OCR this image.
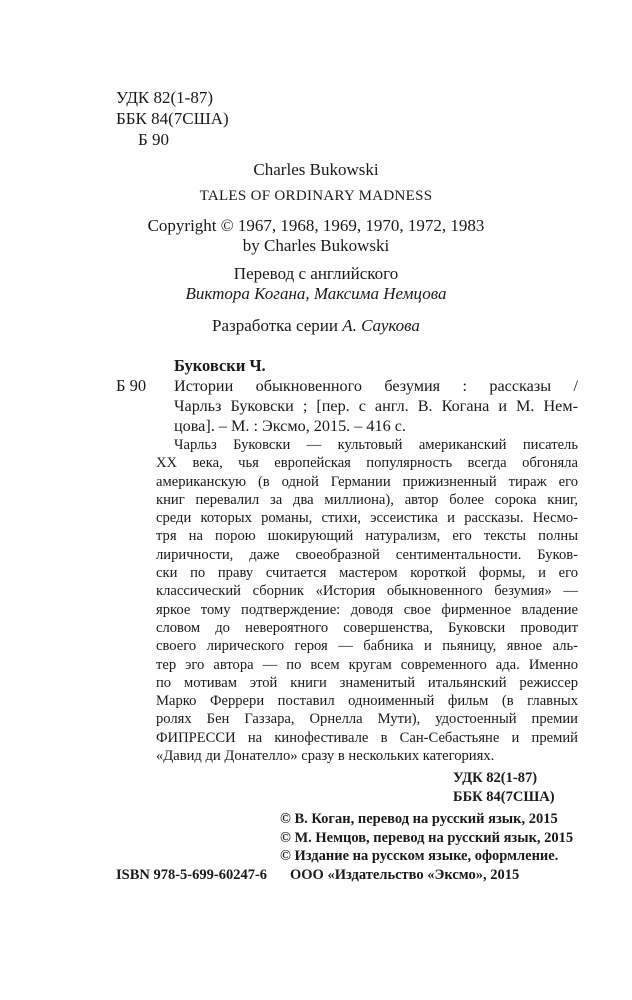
УДК 82(1-87)
ББК 84(7США)
Б 90
Charles Bukowski
TALES OF ORDINARY MADNESS
Copyright © 1967, 1968, 1969, 1970, 1972, 1983
by Charles Bukowski
Перевод с английского
Виктора Когана, Максима Немцова
Разработка серии А. Саукова
Буковски Ч.
Б 90 Истории обыкновенного безумия : рассказы /
Чарльз Буковски ; [пер. с англ. В. Когана и М. Нем-
цова]. – М. : Эксмо, 2015. – 416 с.
Чарльз Буковски — культовый американский писатель
XX века, чья европейская популярность всегда обгоняла
американскую (в одной Германии прижизненный тираж его
книг перевалил за два миллиона), автор более сорока книг,
среди которых романы, стихи, эссеистика и рассказы. Несмо-
тря на порою шокирующий натурализм, его тексты полны
лиричности, даже своеобразной сентиментальности. Буков-
ски по праву считается мастером короткой формы, и его
классический сборник «История обыкновенного безумия» —
яркое тому подтверждение: доводя свое фирменное владение
словом до невероятного совершенства, Буковски проводит
своего лирического героя — бабника и пьяницу, явное аль-
тер эго автора — по всем кругам современного ада. Именно
по мотивам этой книги знаменитый итальянский режиссер
Марко Феррери поставил одноименный фильм (в главных
ролях Бен Газзара, Орнелла Мути), удостоенный премии
ФИПРЕССИ на кинофестивале в Сан-Себастьяне и премий
«Давид ди Донателло» сразу в нескольких категориях.
УДК 82(1-87)
ББК 84(7США)
© В. Коган, перевод на русский язык, 2015
© М. Немцов, перевод на русский язык, 2015
© Издание на русском языке, оформление.
ООО «Издательство «Эксмо», 2015
ISBN 978-5-699-60247-6
